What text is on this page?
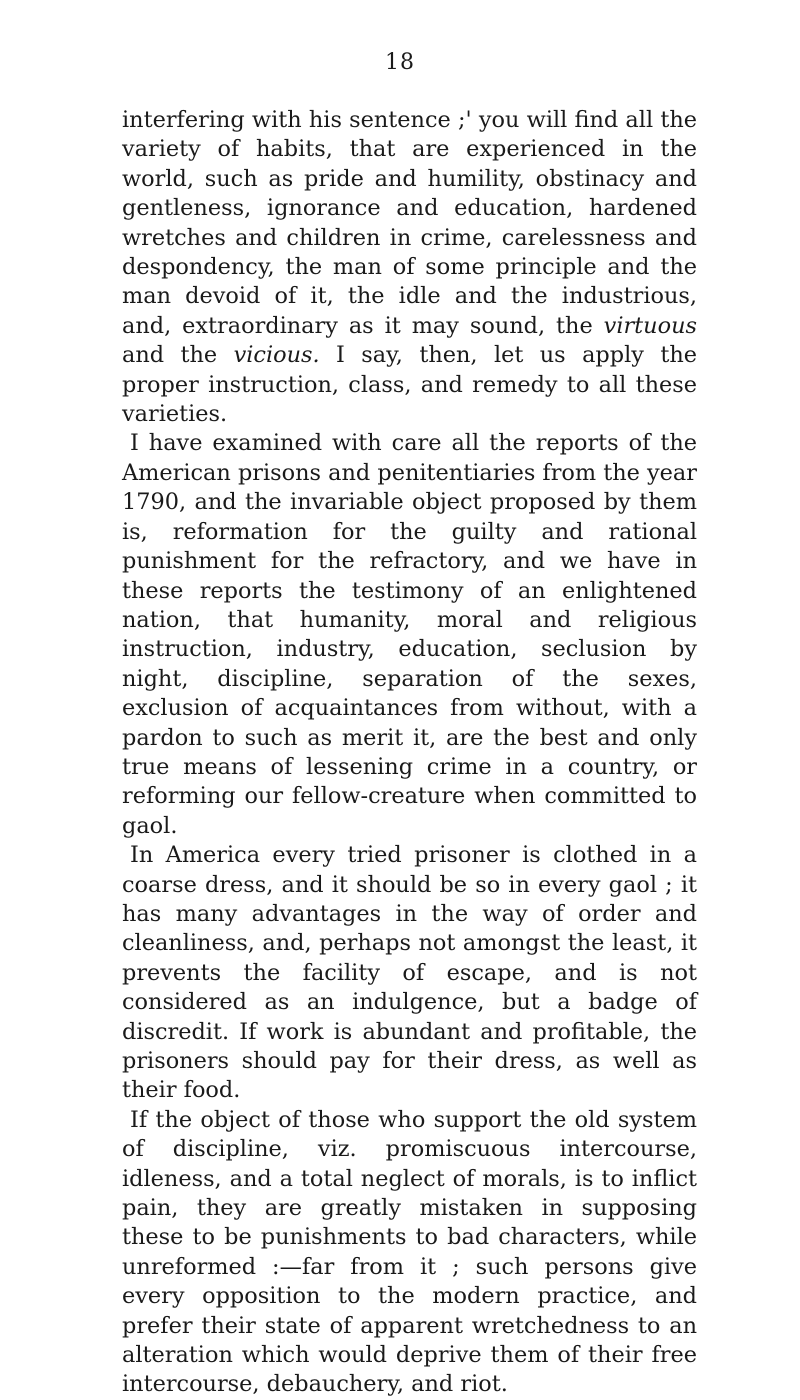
18

interfering with his sentence ;' you will find all the variety of habits, that are experienced in the world, such as pride and humility, obstinacy and gentleness, ignorance and education, hardened wretches and children in crime, carelessness and despondency, the man of some principle and the man devoid of it, the idle and the industrious, and, extraordinary as it may sound, the virtuous and the vicious. I say, then, let us apply the proper instruction, class, and remedy to all these varieties.

I have examined with care all the reports of the American prisons and penitentiaries from the year 1790, and the invariable object proposed by them is, reformation for the guilty and rational punishment for the refractory, and we have in these reports the testimony of an enlightened nation, that humanity, moral and religious instruction, industry, education, seclusion by night, discipline, separation of the sexes, exclusion of acquaintances from without, with a pardon to such as merit it, are the best and only true means of lessening crime in a country, or reforming our fellow-creature when committed to gaol.

In America every tried prisoner is clothed in a coarse dress, and it should be so in every gaol ; it has many advantages in the way of order and cleanliness, and, perhaps not amongst the least, it prevents the facility of escape, and is not considered as an indulgence, but a badge of discredit. If work is abundant and profitable, the prisoners should pay for their dress, as well as their food.

If the object of those who support the old system of discipline, viz. promiscuous intercourse, idleness, and a total neglect of morals, is to inflict pain, they are greatly mistaken in supposing these to be punishments to bad characters, while unreformed :—far from it ; such persons give every opposition to the modern practice, and prefer their state of apparent wretchedness to an alteration which would deprive them of their free intercourse, debauchery, and riot.
